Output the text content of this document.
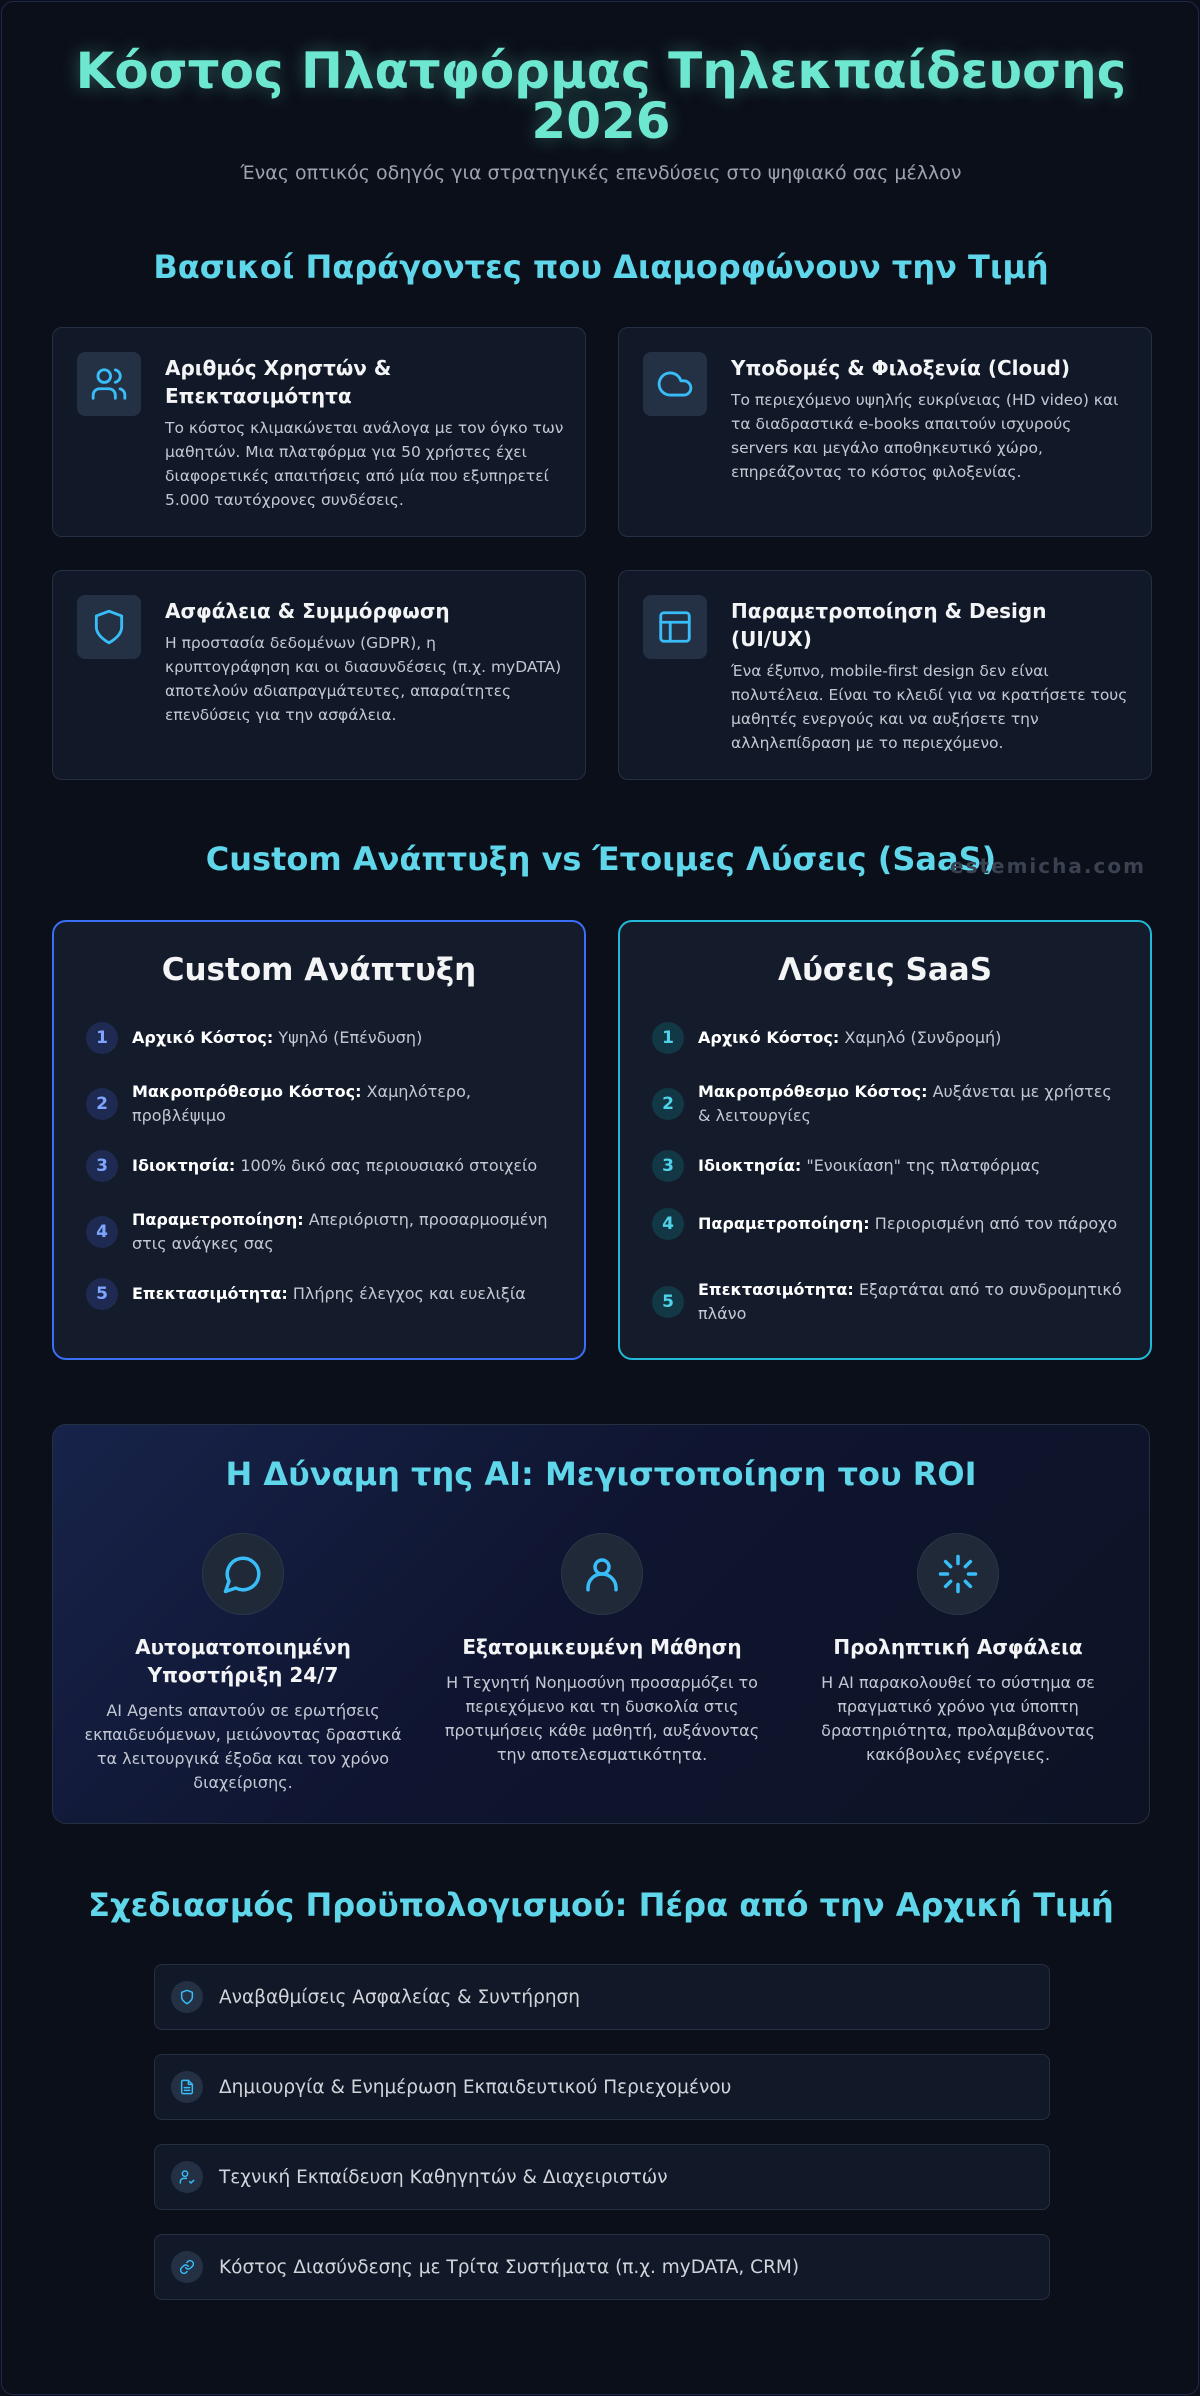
Κόστος Πλατφόρμας Τηλεκπαίδευσης
2026
Ένας οπτικός οδηγός για στρατηγικές επενδύσεις στο ψηφιακό σας μέλλον
Βασικοί Παράγοντες που Διαμορφώνουν την Τιμή
Αριθμός Χρηστών & Επεκτασιμότητα
Το κόστος κλιμακώνεται ανάλογα με τον όγκο των μαθητών. Μια πλατφόρμα για 50 χρήστες έχει διαφορετικές απαιτήσεις από μία που εξυπηρετεί 5.000 ταυτόχρονες συνδέσεις.
Υποδομές & Φιλοξενία (Cloud)
Το περιεχόμενο υψηλής ευκρίνειας (HD video) και τα διαδραστικά e-books απαιτούν ισχυρούς servers και μεγάλο αποθηκευτικό χώρο, επηρεάζοντας το κόστος φιλοξενίας.
Ασφάλεια & Συμμόρφωση
Η προστασία δεδομένων (GDPR), η κρυπτογράφηση και οι διασυνδέσεις (π.χ. myDATA) αποτελούν αδιαπραγμάτευτες, απαραίτητες επενδύσεις για την ασφάλεια.
Παραμετροποίηση & Design (UI/UX)
Ένα έξυπνο, mobile-first design δεν είναι πολυτέλεια. Είναι το κλειδί για να κρατήσετε τους μαθητές ενεργούς και να αυξήσετε την αλληλεπίδραση με το περιεχόμενο.
Custom Ανάπτυξη vs Έτοιμες Λύσεις (SaaS)
estemicha.com
Custom Ανάπτυξη
1	Αρχικό Κόστος: Υψηλό (Επένδυση)
2
Μακροπρόθεσμο Κόστος: Χαμηλότερο, προβλέψιμο
3	Ιδιοκτησία: 100% δικό σας περιουσιακό στοιχείο
4
Παραμετροποίηση: Απεριόριστη, προσαρμοσμένη στις ανάγκες σας
5	Επεκτασιμότητα: Πλήρης έλεγχος και ευελιξία
Λύσεις SaaS
1	Αρχικό Κόστος: Χαμηλό (Συνδρομή)
2
Μακροπρόθεσμο Κόστος: Αυξάνεται με χρήστες & λειτουργίες
3	Ιδιοκτησία: "Ενοικίαση" της πλατφόρμας
4	Παραμετροποίηση: Περιορισμένη από τον πάροχο
5
Επεκτασιμότητα: Εξαρτάται από το συνδρομητικό πλάνο
Η Δύναμη της AI: Μεγιστοποίηση του ROI
Αυτοματοποιημένη Υποστήριξη 24/7
AI Agents απαντούν σε ερωτήσεις εκπαιδευόμενων, μειώνοντας δραστικά τα λειτουργικά έξοδα και τον χρόνο διαχείρισης.
Εξατομικευμένη Μάθηση
Η Τεχνητή Νοημοσύνη προσαρμόζει το περιεχόμενο και τη δυσκολία στις προτιμήσεις κάθε μαθητή, αυξάνοντας την αποτελεσματικότητα.
Προληπτική Ασφάλεια
Η AI παρακολουθεί το σύστημα σε πραγματικό χρόνο για ύποπτη δραστηριότητα, προλαμβάνοντας κακόβουλες ενέργειες.
Σχεδιασμός Προϋπολογισμού: Πέρα από την Αρχική Τιμή
Αναβαθμίσεις Ασφαλείας & Συντήρηση
Δημιουργία & Ενημέρωση Εκπαιδευτικού Περιεχομένου
Τεχνική Εκπαίδευση Καθηγητών & Διαχειριστών
Κόστος Διασύνδεσης με Τρίτα Συστήματα (π.χ. myDATA, CRM)
